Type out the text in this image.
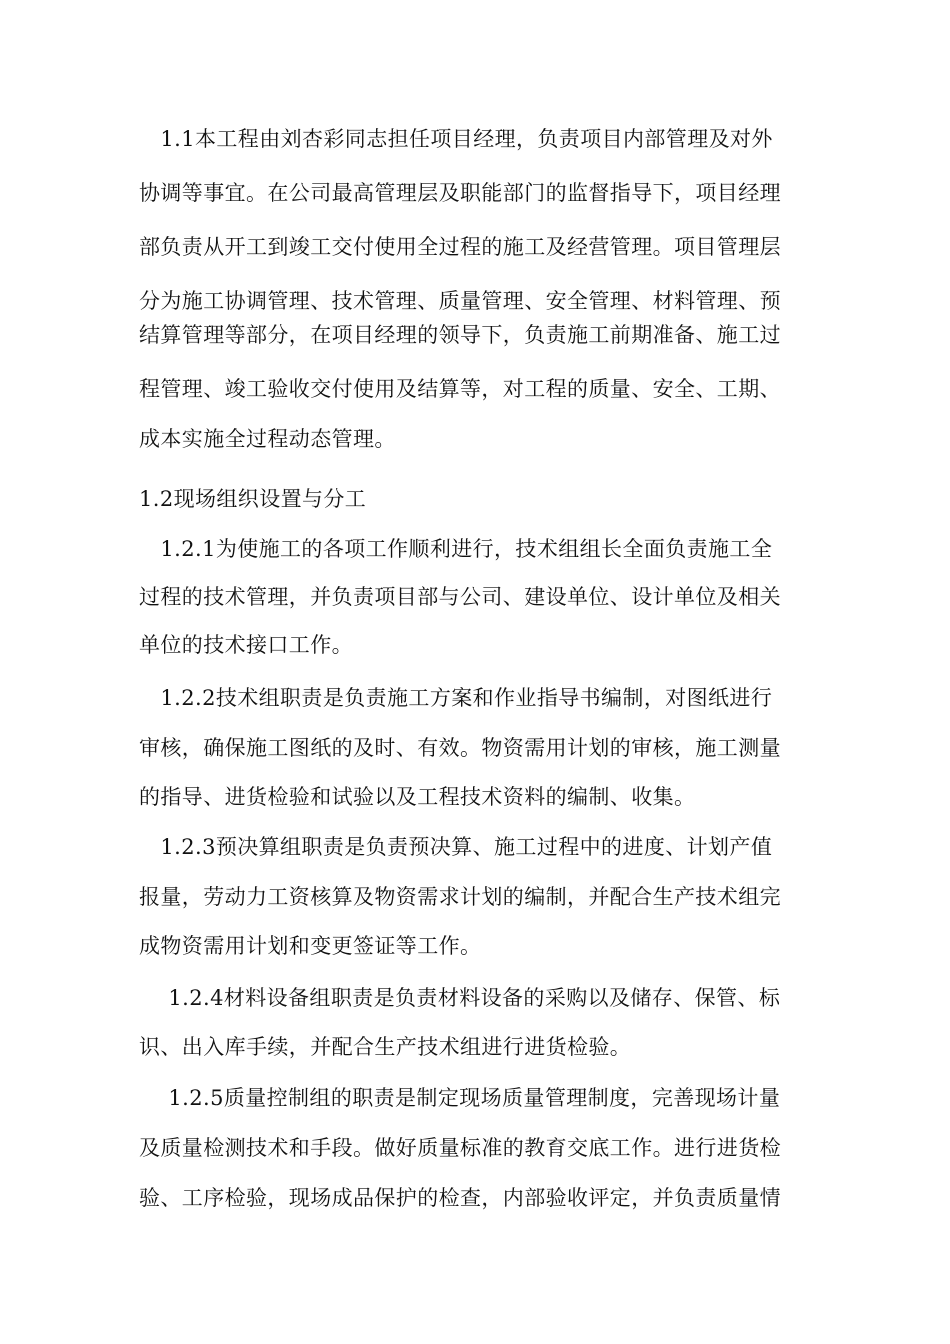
　1.1本工程由刘杏彩同志担任项目经理，负责项目内部管理及对外
协调等事宜。在公司最高管理层及职能部门的监督指导下，项目经理
部负责从开工到竣工交付使用全过程的施工及经营管理。项目管理层
分为施工协调管理、技术管理、质量管理、安全管理、材料管理、预
结算管理等部分，在项目经理的领导下，负责施工前期准备、施工过
程管理、竣工验收交付使用及结算等，对工程的质量、安全、工期、
成本实施全过程动态管理。
1.2现场组织设置与分工
　1.2.1为使施工的各项工作顺利进行，技术组组长全面负责施工全
过程的技术管理，并负责项目部与公司、建设单位、设计单位及相关
单位的技术接口工作。
　1.2.2技术组职责是负责施工方案和作业指导书编制，对图纸进行
审核，确保施工图纸的及时、有效。物资需用计划的审核，施工测量
的指导、进货检验和试验以及工程技术资料的编制、收集。
　1.2.3预决算组职责是负责预决算、施工过程中的进度、计划产值
报量，劳动力工资核算及物资需求计划的编制，并配合生产技术组完
成物资需用计划和变更签证等工作。
　1.2.4材料设备组职责是负责材料设备的采购以及储存、保管、标
识、出入库手续，并配合生产技术组进行进货检验。
　1.2.5质量控制组的职责是制定现场质量管理制度，完善现场计量
及质量检测技术和手段。做好质量标准的教育交底工作。进行进货检
验、工序检验，现场成品保护的检查，内部验收评定，并负责质量情
